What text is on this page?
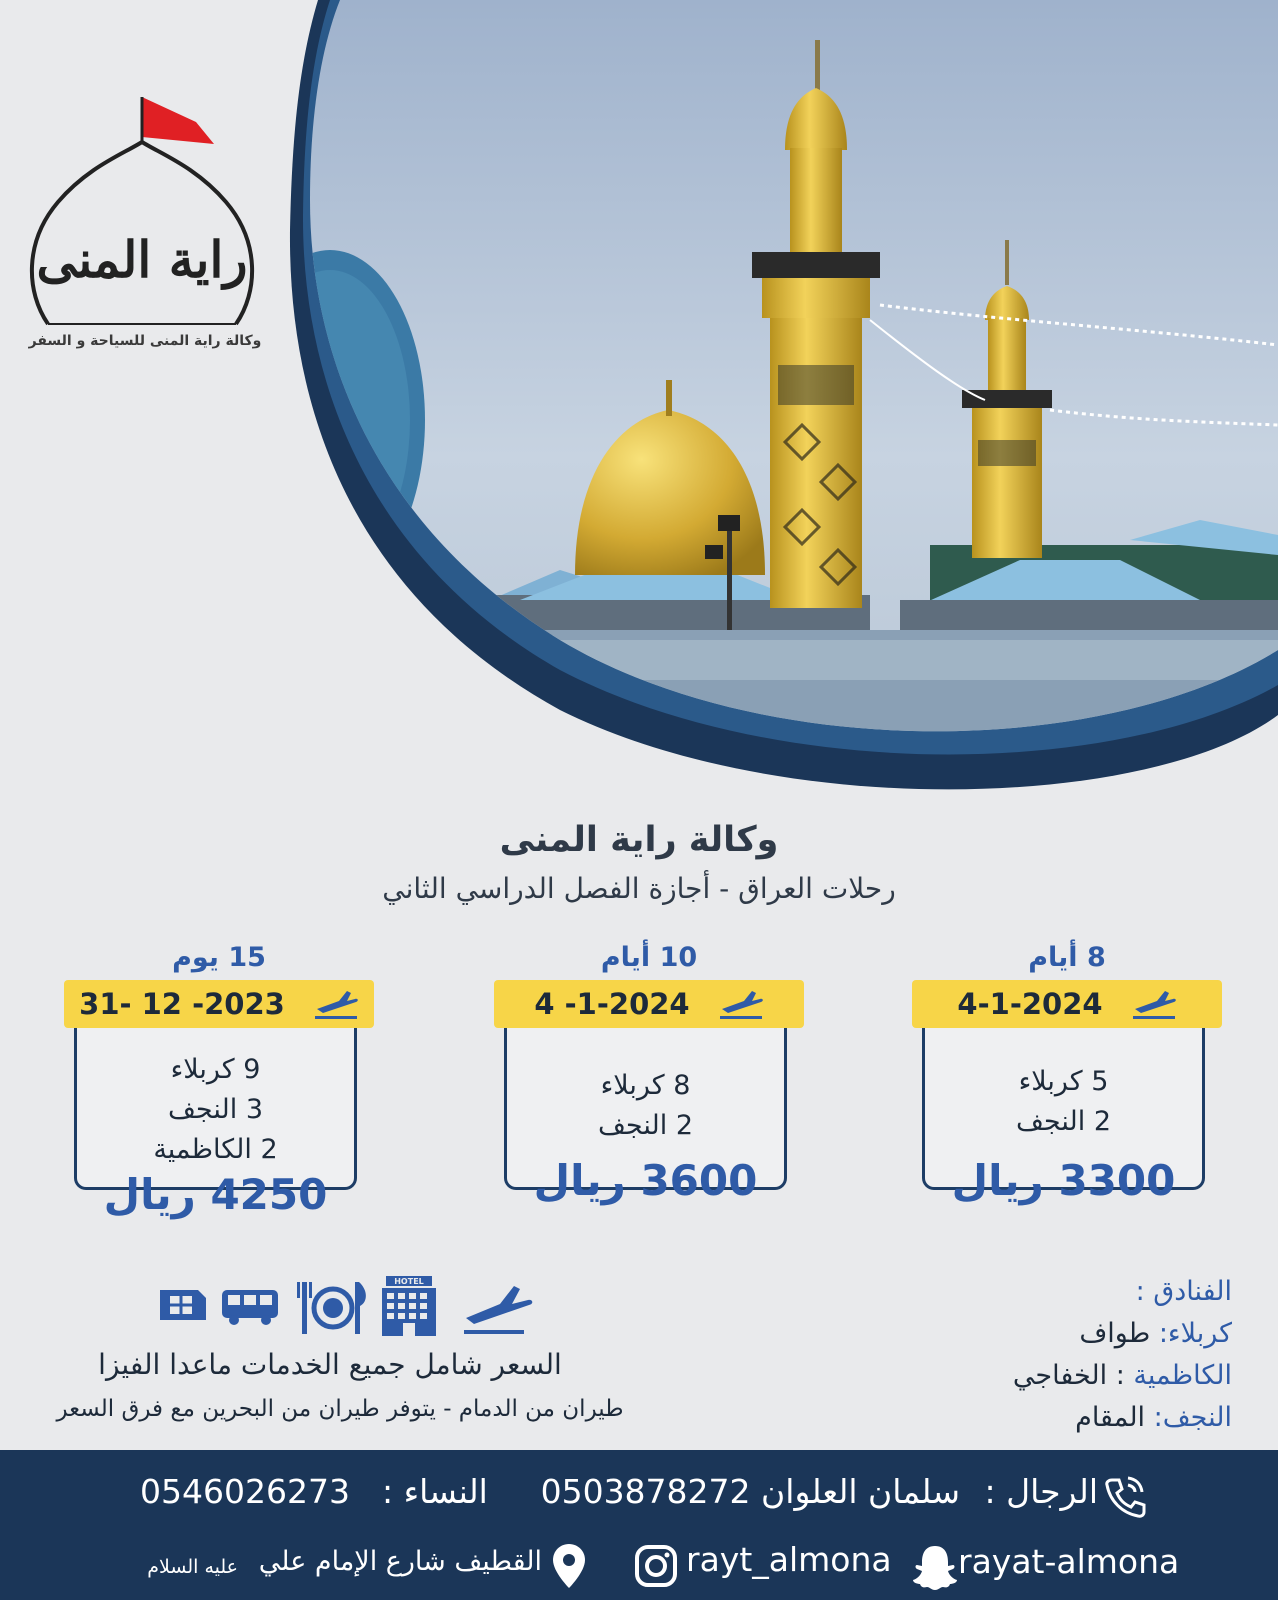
راية المنى
وكالة راية المنى للسياحة و السفر
وكالة راية المنى
رحلات العراق - أجازة الفصل الدراسي الثاني
8 أيام
5 كربلاء
2 النجف
3300 ريال
4-1-2024
10 أيام
8 كربلاء
2 النجف
3600 ريال
4 -1-2024
15 يوم
9 كربلاء
3 النجف
2 الكاظمية
4250 ريال
31- 12 -2023
الفنادق :
كربلاء: طواف
الكاظمية : الخفاجي
النجف: المقام
HOTEL
السعر شامل جميع الخدمات ماعدا الفيزا
طيران من الدمام - يتوفر طيران من البحرين مع فرق السعر
الرجال :
سلمان العلوان 0503878272
النساء :
0546026273
rayat-almona
rayt_almona
القطيف شارع الإمام علي
عليه السلام
